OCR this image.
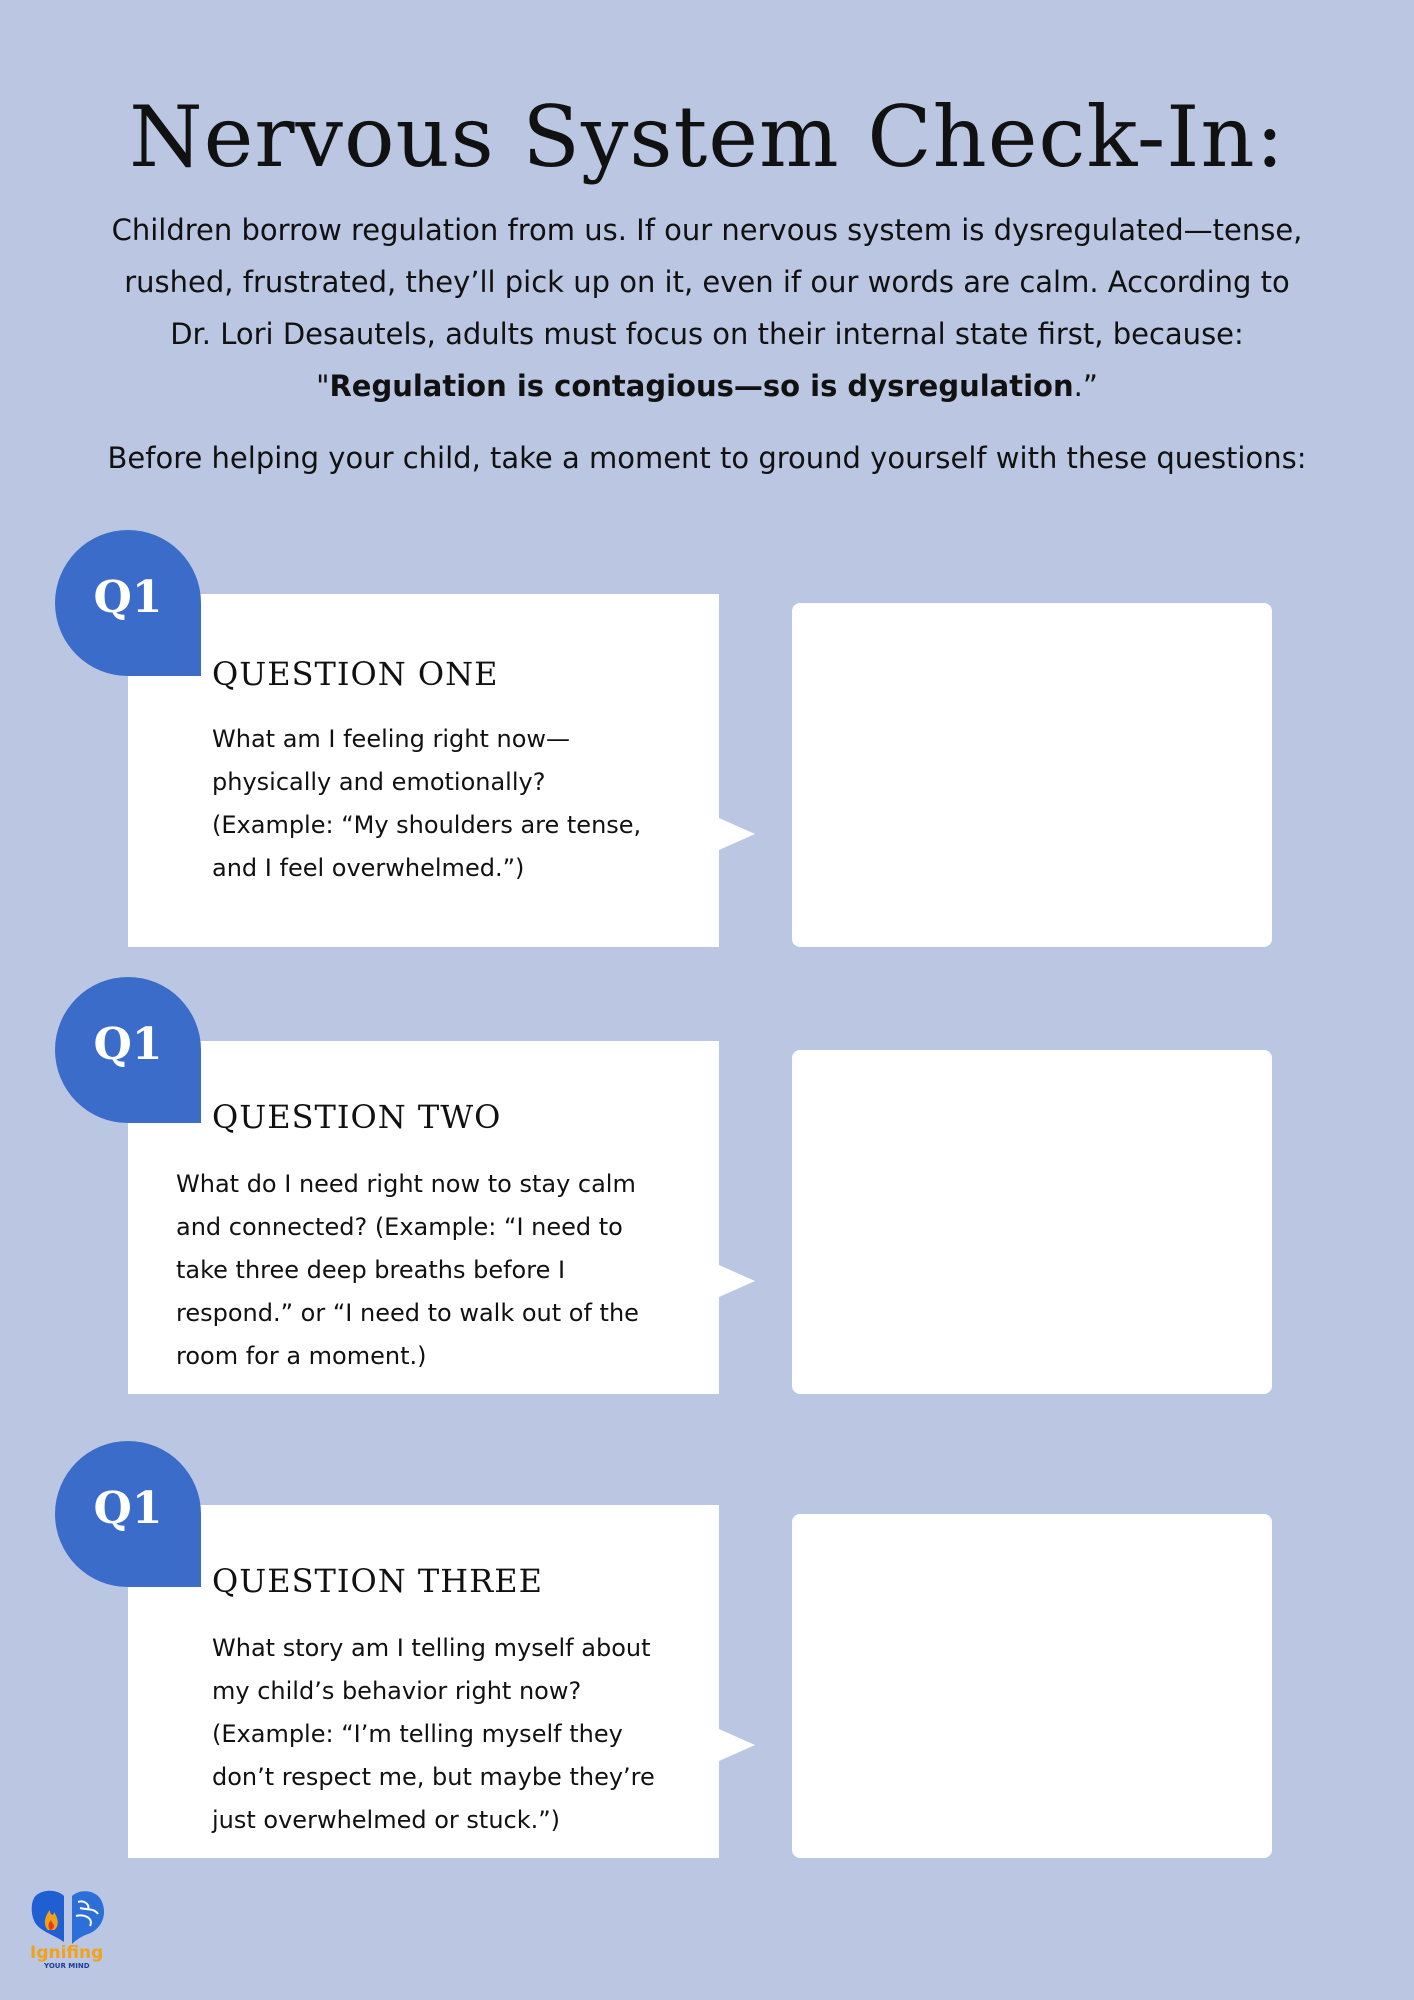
Nervous System Check-In:

Children borrow regulation from us. If our nervous system is dysregulated—tense, rushed, frustrated, they’ll pick up on it, even if our words are calm. According to Dr. Lori Desautels, adults must focus on their internal state first, because:

"Regulation is contagious—so is dysregulation.”
Before helping your child, take a moment to ground yourself with these questions:
QUESTION ONE

What am I feeling right now—physically and emotionally? (Example: “My shoulders are tense, and I feel overwhelmed.”)

Q1
QUESTION TWO

What do I need right now to stay calm and connected? (Example: “I need to take three deep breaths before I respond.” or “I need to walk out of the room for a moment.)

Q1
QUESTION THREE

What story am I telling myself about my child’s behavior right now? (Example: “I’m telling myself they don’t respect me, but maybe they’re just overwhelmed or stuck.”)

Q1
Ignifing
YOUR MIND
